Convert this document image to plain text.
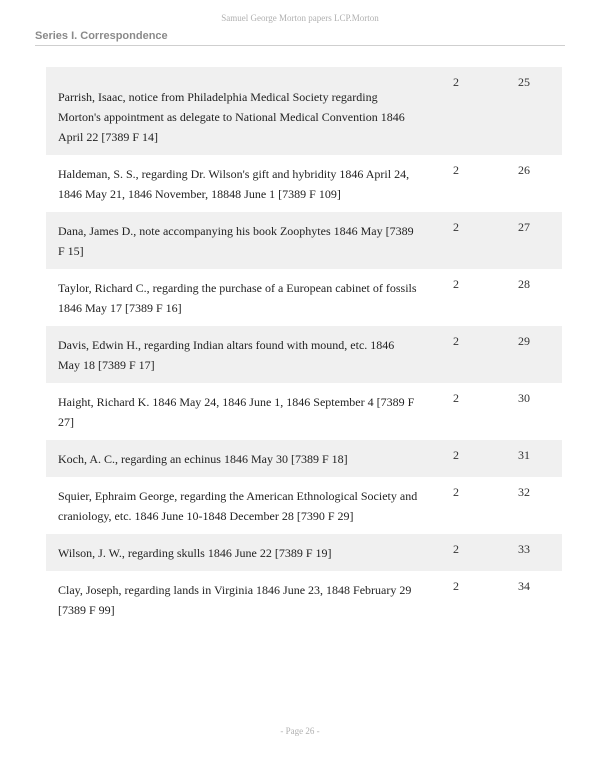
Samuel George Morton papers LCP.Morton
Series I. Correspondence
Parrish, Isaac, notice from Philadelphia Medical Society regarding Morton's appointment as delegate to National Medical Convention 1846 April 22 [7389 F 14]
2	25
Haldeman, S. S., regarding Dr. Wilson's gift and hybridity 1846 April 24, 1846 May 21, 1846 November, 18848 June 1 [7389 F 109]
2	26
Dana, James D., note accompanying his book Zoophytes 1846 May [7389 F 15]
2	27
Taylor, Richard C., regarding the purchase of a European cabinet of fossils 1846 May 17 [7389 F 16]
2	28
Davis, Edwin H., regarding Indian altars found with mound, etc. 1846 May 18 [7389 F 17]
2	29
Haight, Richard K. 1846 May 24, 1846 June 1, 1846 September 4 [7389 F 27]
2	30
Koch, A. C., regarding an echinus 1846 May 30 [7389 F 18]	2	31
Squier, Ephraim George, regarding the American Ethnological Society and craniology, etc. 1846 June 10-1848 December 28 [7390 F 29]
2	32
Wilson, J. W., regarding skulls 1846 June 22 [7389 F 19]	2	33
Clay, Joseph, regarding lands in Virginia 1846 June 23, 1848 February 29 [7389 F 99]
2	34
- Page 26 -
